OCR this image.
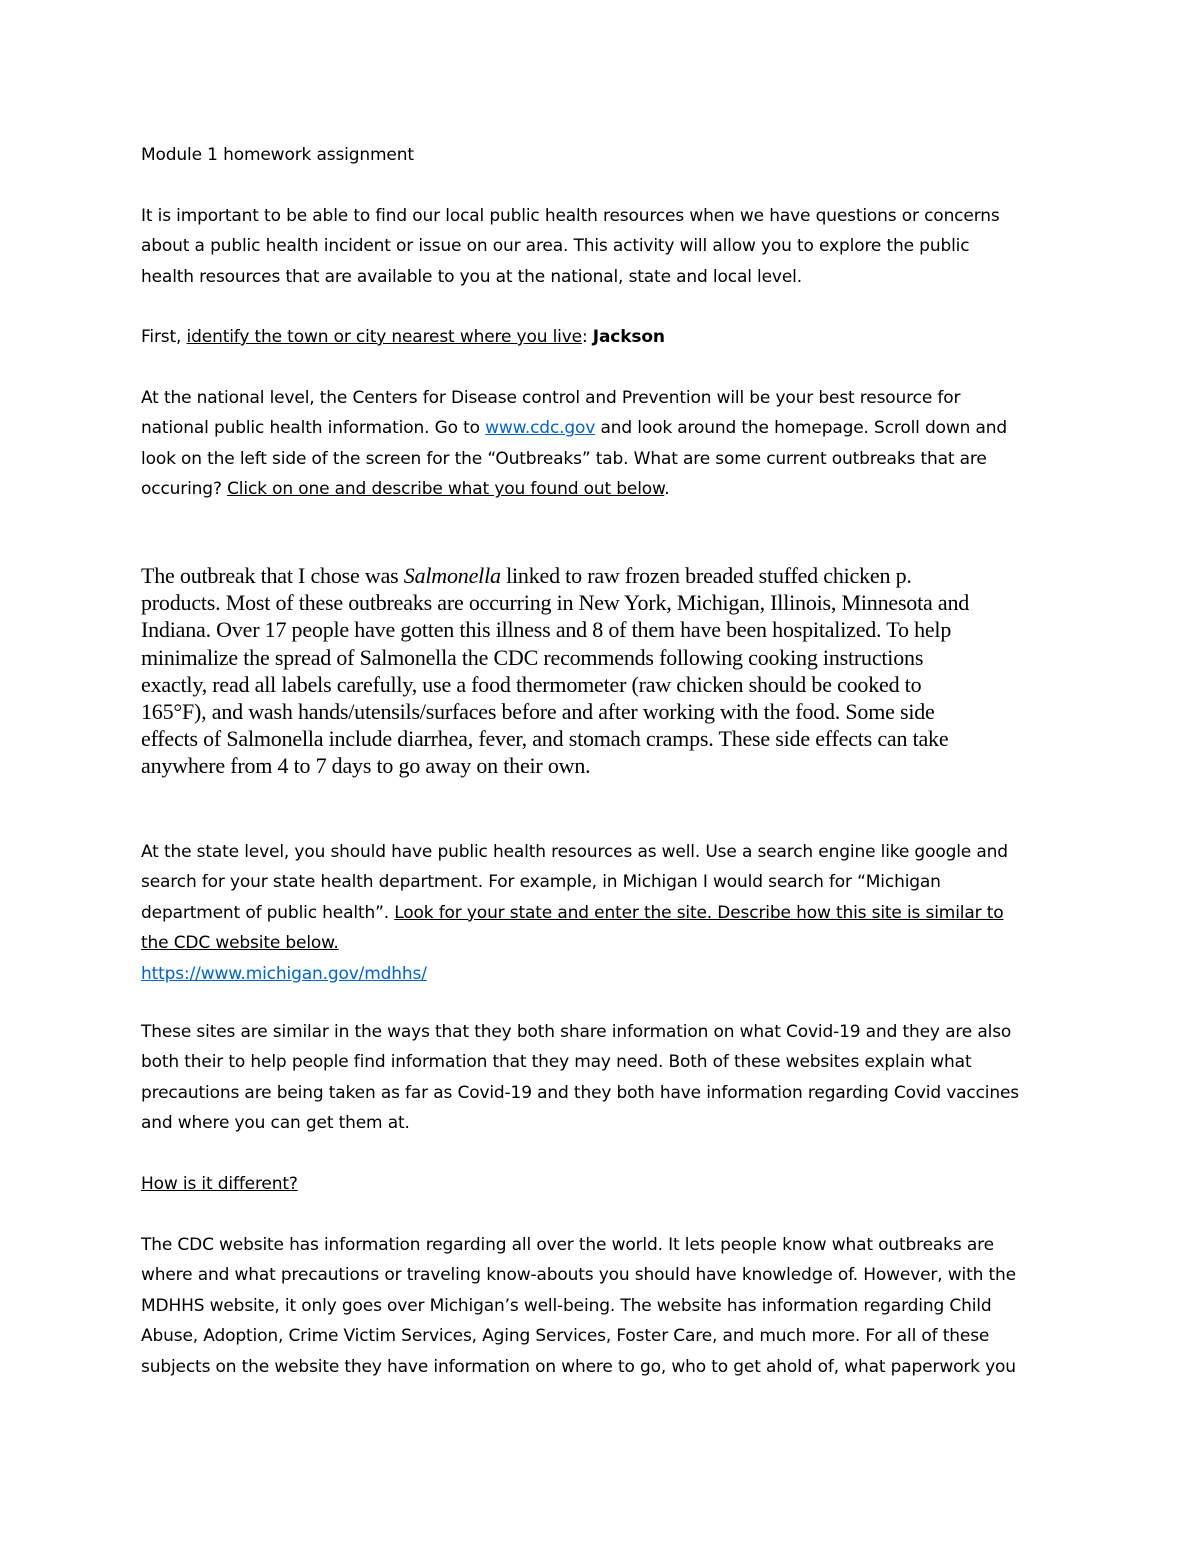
Module 1 homework assignment

It is important to be able to find our local public health resources when we have questions or concerns
about a public health incident or issue on our area. This activity will allow you to explore the public
health resources that are available to you at the national, state and local level.

First, identify the town or city nearest where you live: Jackson

At the national level, the Centers for Disease control and Prevention will be your best resource for
national public health information. Go to www.cdc.gov and look around the homepage. Scroll down and
look on the left side of the screen for the “Outbreaks” tab. What are some current outbreaks that are
occuring? Click on one and describe what you found out below.

The outbreak that I chose was Salmonella linked to raw frozen breaded stuffed chicken p.
products. Most of these outbreaks are occurring in New York, Michigan, Illinois, Minnesota and
Indiana. Over 17 people have gotten this illness and 8 of them have been hospitalized. To help
minimalize the spread of Salmonella the CDC recommends following cooking instructions
exactly, read all labels carefully, use a food thermometer (raw chicken should be cooked to
165°F), and wash hands/utensils/surfaces before and after working with the food. Some side
effects of Salmonella include diarrhea, fever, and stomach cramps. These side effects can take
anywhere from 4 to 7 days to go away on their own.

At the state level, you should have public health resources as well. Use a search engine like google and
search for your state health department. For example, in Michigan I would search for “Michigan
department of public health”. Look for your state and enter the site. Describe how this site is similar to
the CDC website below.
https://www.michigan.gov/mdhhs/

These sites are similar in the ways that they both share information on what Covid-19 and they are also
both their to help people find information that they may need. Both of these websites explain what
precautions are being taken as far as Covid-19 and they both have information regarding Covid vaccines
and where you can get them at.

How is it different?

The CDC website has information regarding all over the world. It lets people know what outbreaks are
where and what precautions or traveling know-abouts you should have knowledge of. However, with the
MDHHS website, it only goes over Michigan’s well-being. The website has information regarding Child
Abuse, Adoption, Crime Victim Services, Aging Services, Foster Care, and much more. For all of these
subjects on the website they have information on where to go, who to get ahold of, what paperwork you
